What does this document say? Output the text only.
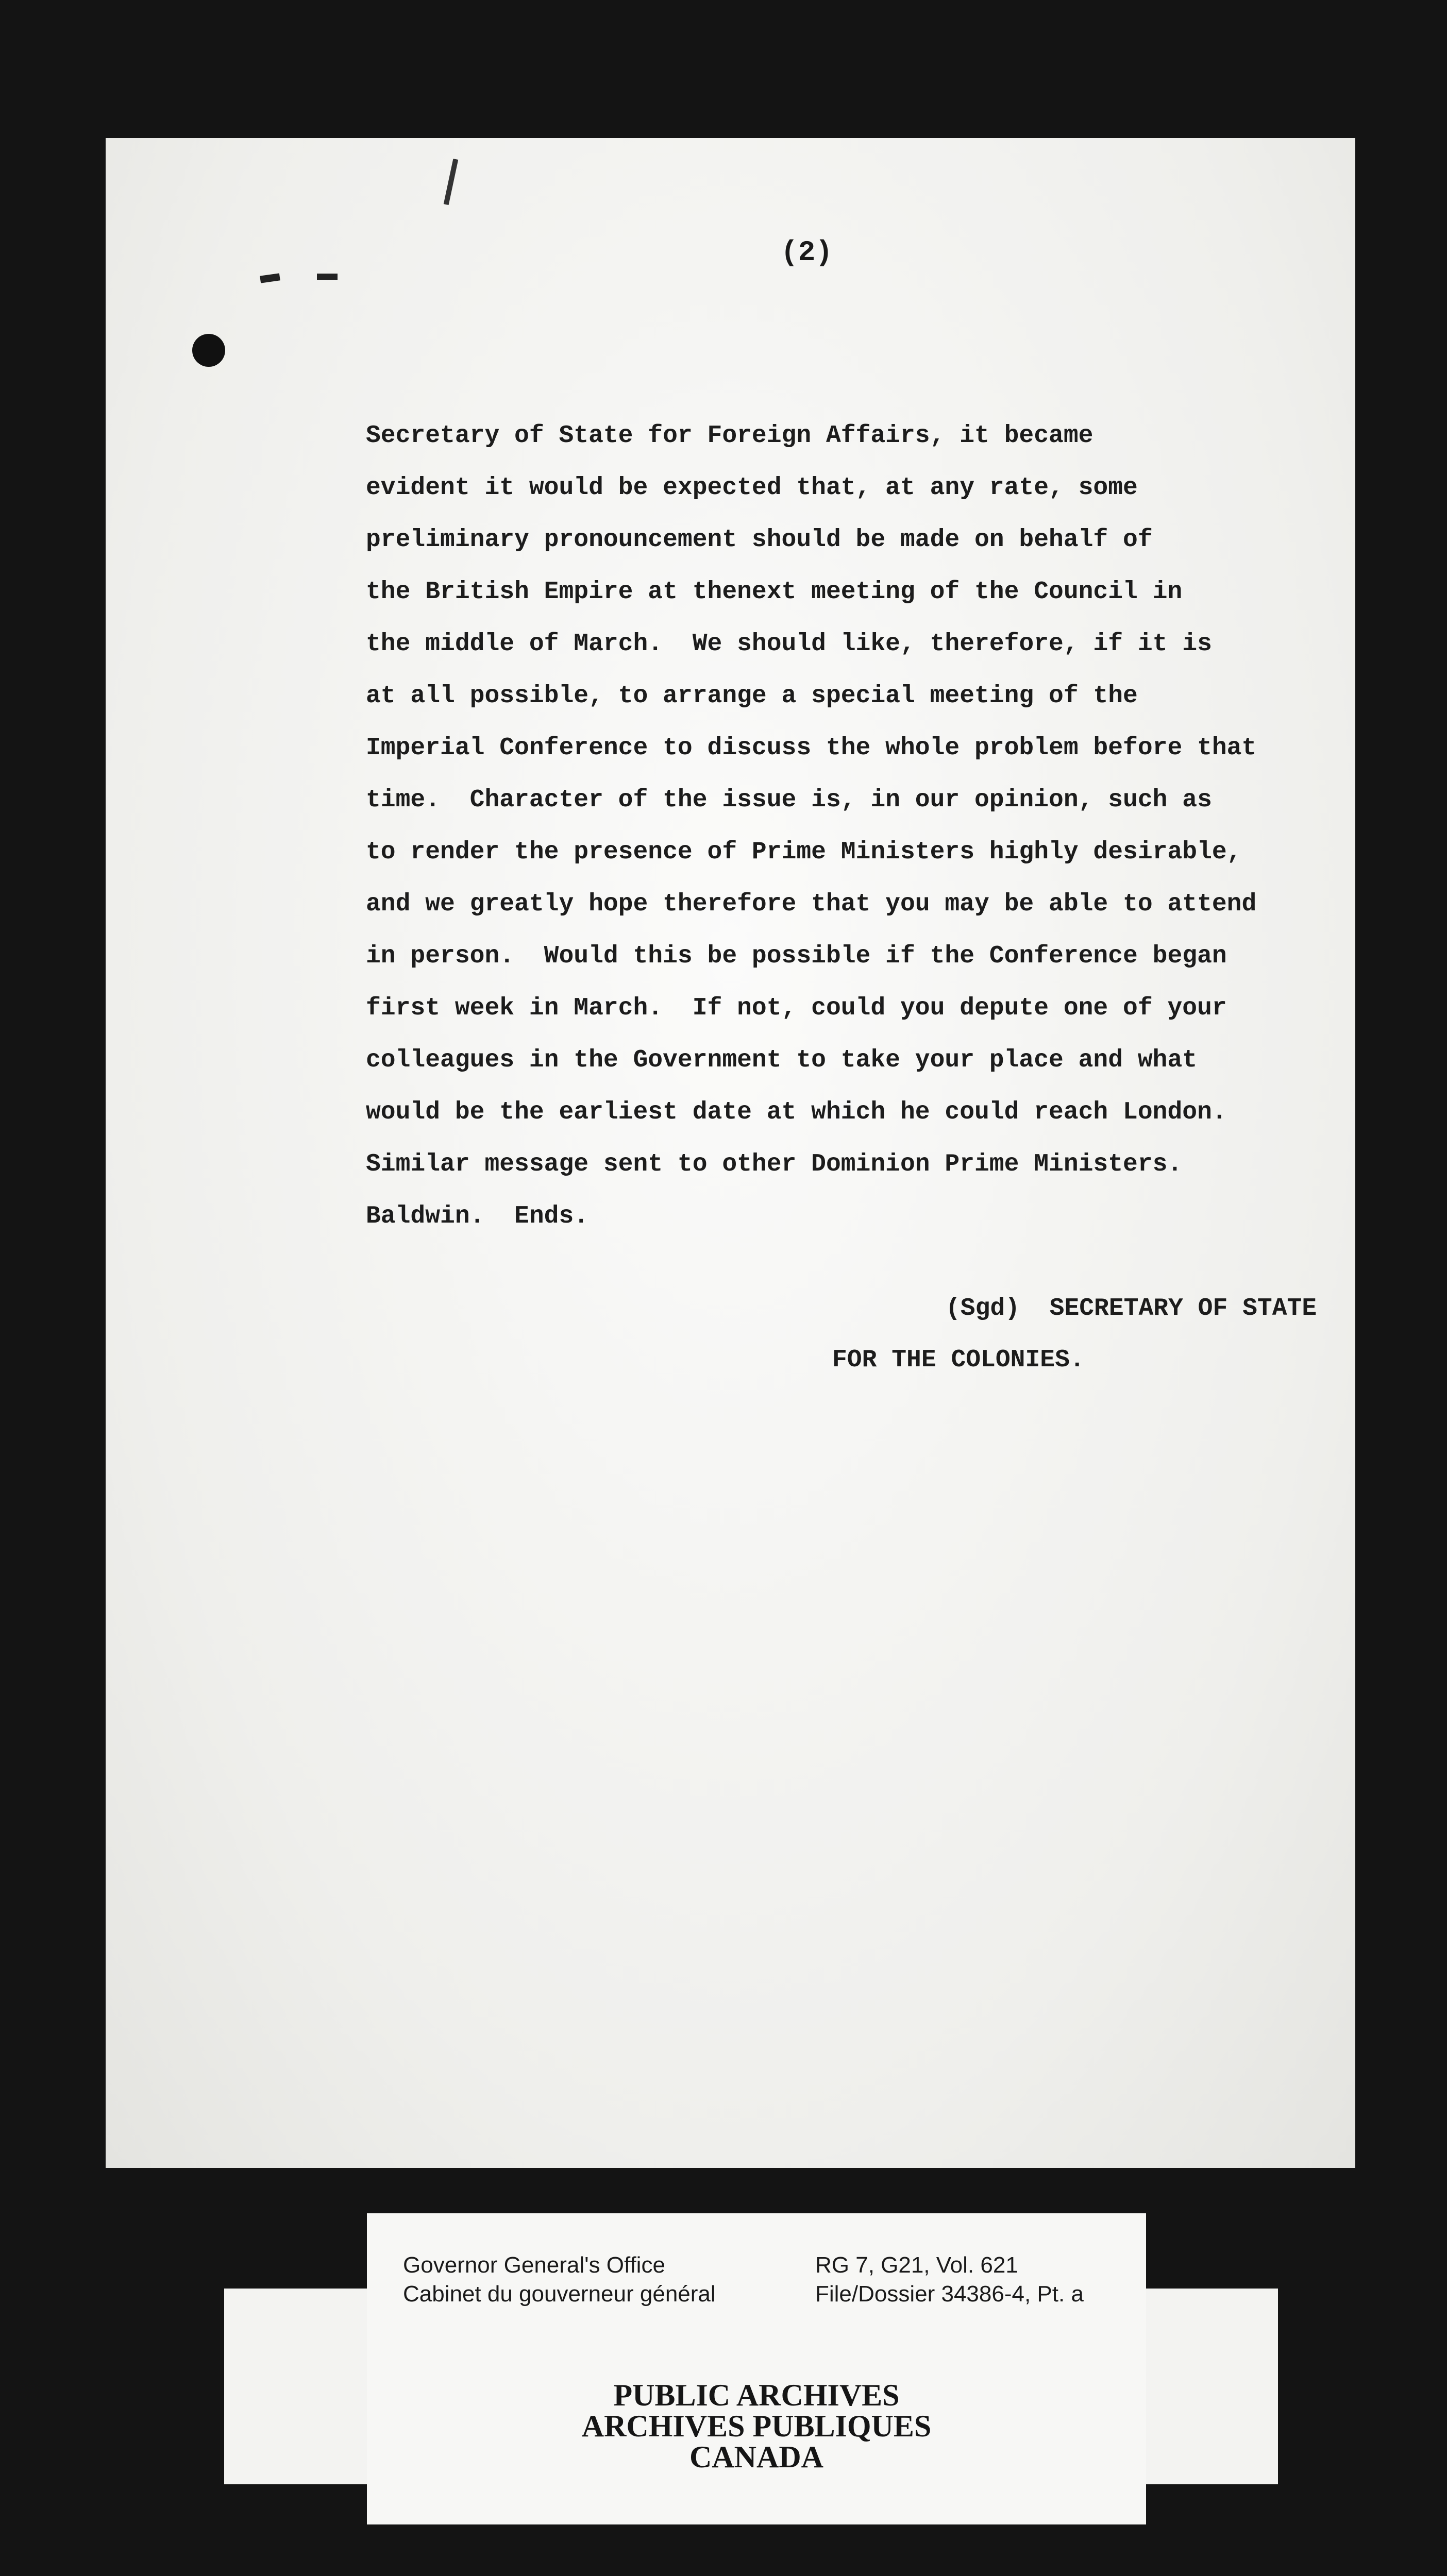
(2)
Secretary of State for Foreign Affairs, it became
evident it would be expected that, at any rate, some
preliminary pronouncement should be made on behalf of
the British Empire at thenext meeting of the Council in
the middle of March.  We should like, therefore, if it is
at all possible, to arrange a special meeting of the
Imperial Conference to discuss the whole problem before that
time.  Character of the issue is, in our opinion, such as
to render the presence of Prime Ministers highly desirable,
and we greatly hope therefore that you may be able to attend
in person.  Would this be possible if the Conference began
first week in March.  If not, could you depute one of your
colleagues in the Government to take your place and what
would be the earliest date at which he could reach London.
Similar message sent to other Dominion Prime Ministers.
Baldwin.  Ends.
(Sgd)  SECRETARY OF STATE
FOR THE COLONIES.
Governor General's Office
Cabinet du gouverneur général
RG 7, G21, Vol. 621
File/Dossier 34386-4, Pt. a
PUBLIC ARCHIVES
ARCHIVES PUBLIQUES
CANADA
